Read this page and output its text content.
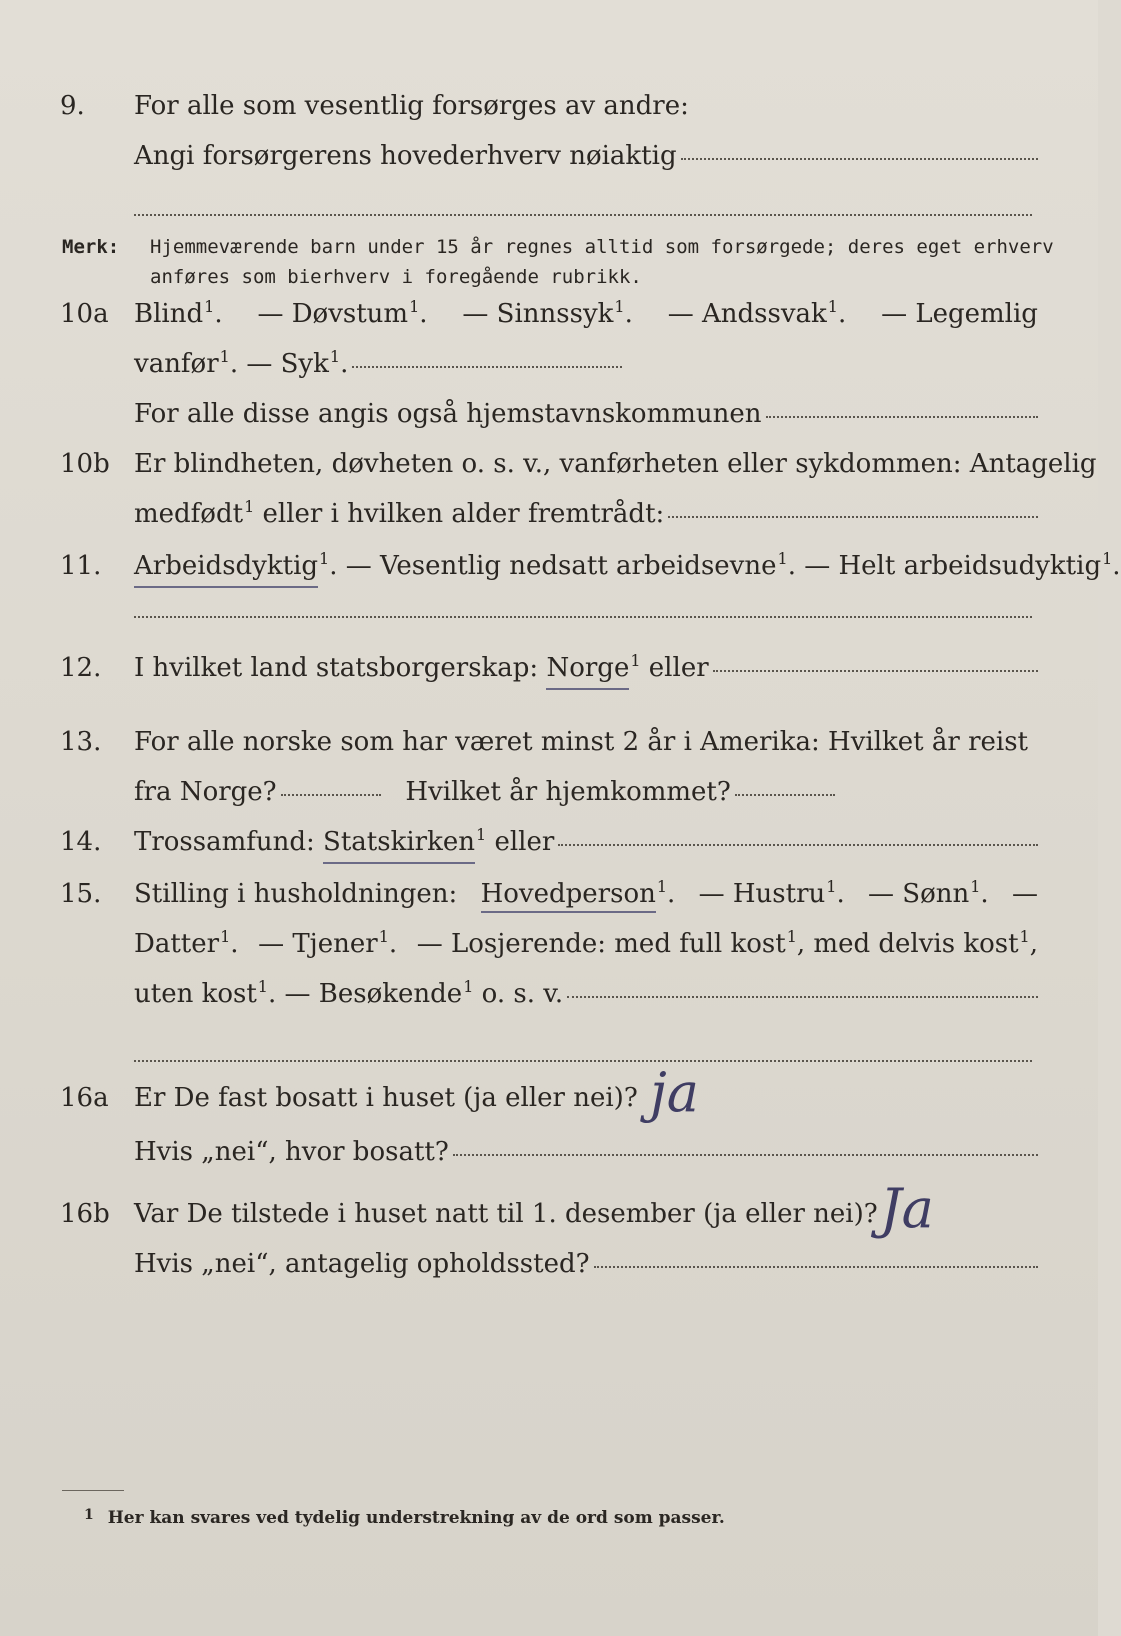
9.	For alle som vesentlig forsørges av andre:
Angi forsørgerens hovederhverv nøiaktig
Merk: Hjemmeværende barn under 15 år regnes alltid som forsørgede; deres eget erhverv
anføres som bierhverv i foregående rubrikk.
10a Blind$^1$. — Døvstum$^1$. — Sinnssyk$^1$. — Andssvak$^1$. — Legemlig
vanfør 1 . — Syk 1 .
For alle disse angis også hjemstavnskommunen
10b Er blindheten, døvheten o. s. v., vanførheten eller sykdommen: Antagelig
medfødt 1
eller i hvilken alder fremtrådt:
11.	Arbeidsdyktig 1 . — Vesentlig nedsatt arbeidsevne 1 . — Helt arbeidsudyktig 1 .
12.	I hvilket land statsborgerskap:
Norge 1
eller
13.	For alle norske som har været minst 2 år i Amerika: Hvilket år reist
fra Norge?
	Hvilket år hjemkommet?
14.	Trossamfund:
Statskirken 1
eller
15.	Stilling i husholdningen: Hovedperson$^1$. — Hustru$^1$. — Sønn$^1$. —
Datter$^1$. — Tjener$^1$. — Losjerende: med full kost$^1$, med delvis kost$^1$,
uten kost 1 . — Besøkende 1
o. s. v.
16a Er De fast bosatt i huset (ja eller nei)? ja
Hvis „nei“, hvor bosatt?
16b Var De tilstede i huset natt til 1. desember (ja eller nei)? Ja
Hvis „nei“, antagelig opholdssted?
$^1$ Her kan svares ved tydelig understrekning av de ord som passer.
